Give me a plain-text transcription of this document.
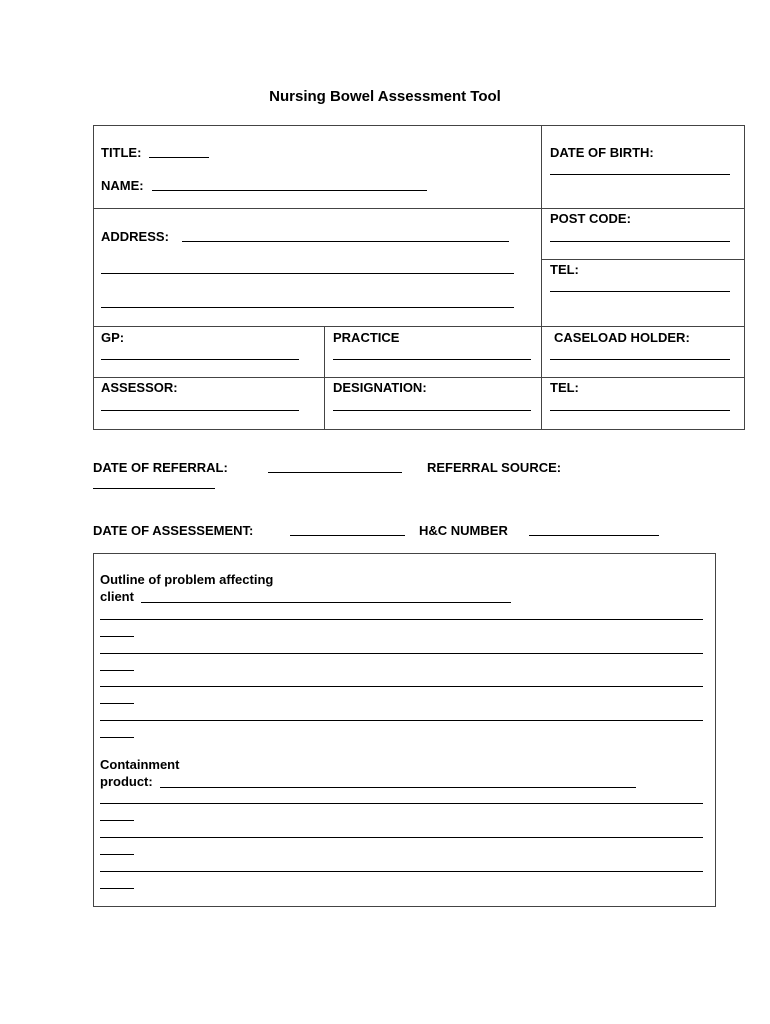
Nursing Bowel Assessment Tool
TITLE:
NAME:
DATE OF BIRTH:
ADDRESS:
POST CODE:
TEL:
GP:	PRACTICE	CASELOAD HOLDER:
ASSESSOR:	DESIGNATION:	TEL:
DATE OF REFERRAL:	REFERRAL SOURCE:
DATE OF ASSESSEMENT:	H&C NUMBER
Outline of problem affecting
client
Containment
product:
